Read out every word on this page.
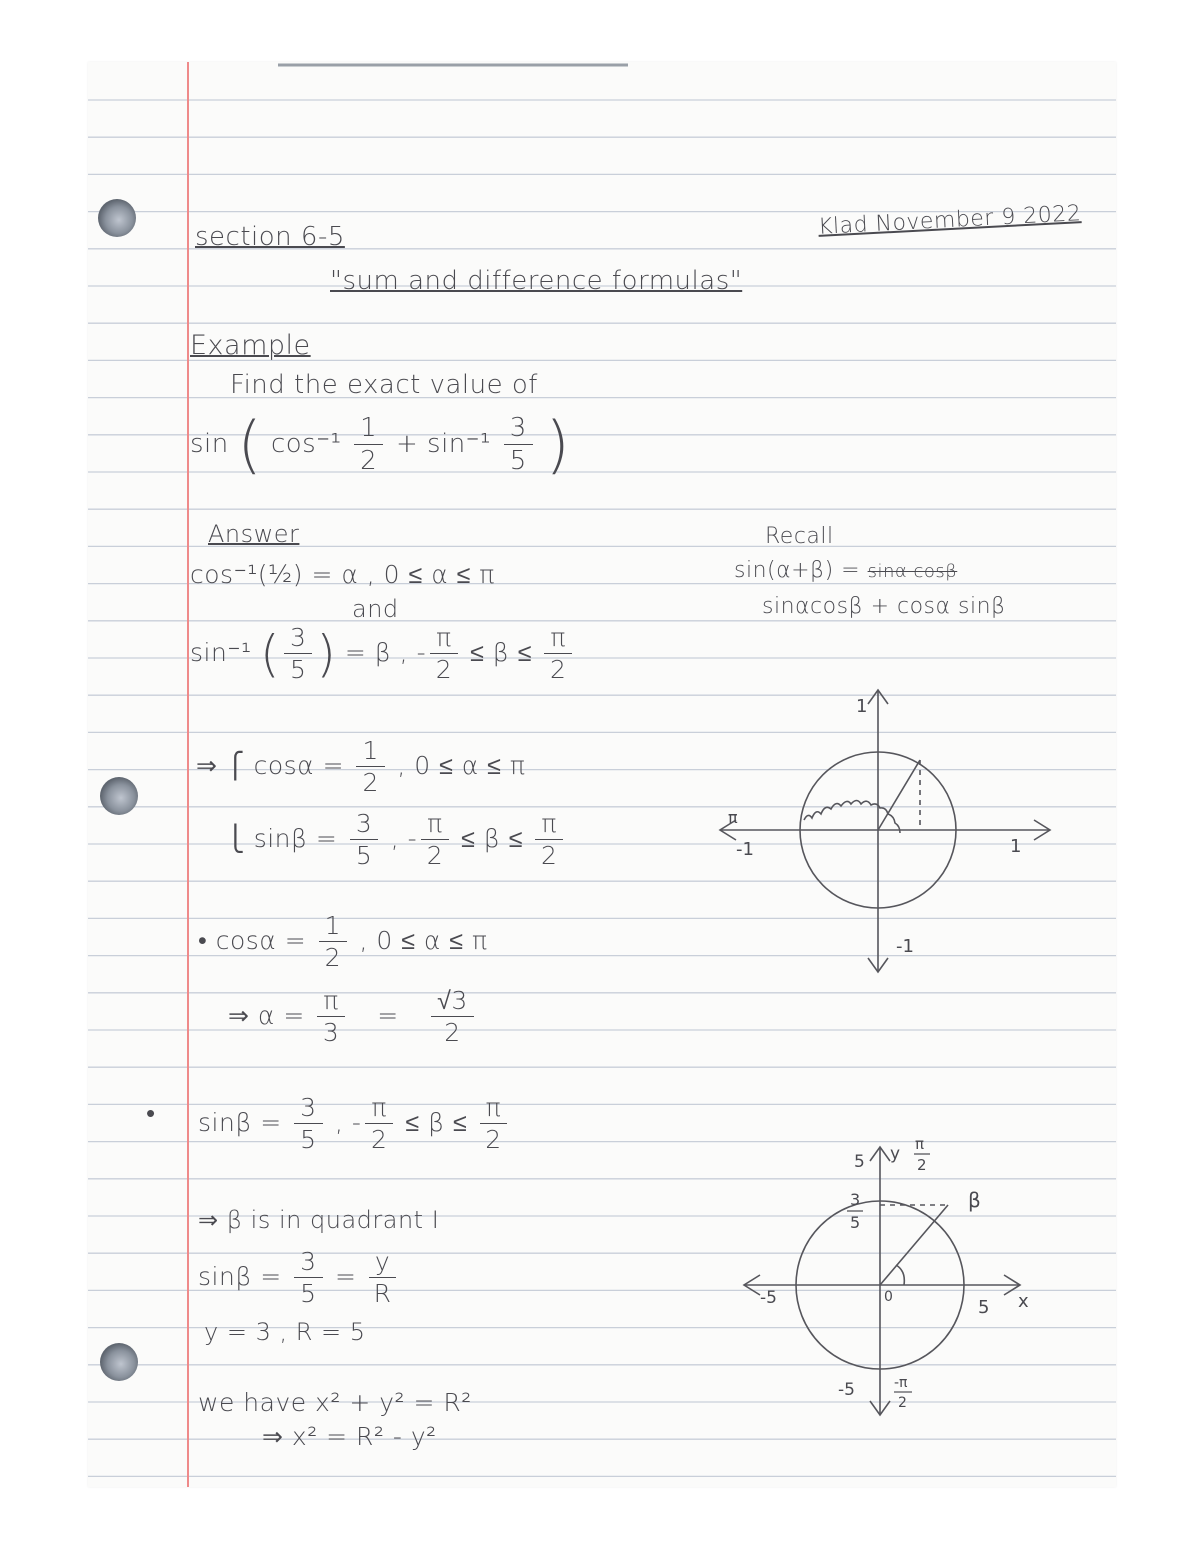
section 6-5
"sum and difference formulas"
Klad November 9 2022
Example
Find the exact value of
sin ( $\cos^{-1} \frac{1}{2} + \sin^{-1} \frac{3}{5}$ )
Answer
cos⁻¹(½) = α , 0 ≤ α ≤ π
and
sin⁻¹ ( $\frac{3}{5}$ ) = β , - $\frac{\pi}{2} \le \beta \le \frac{\pi}{2}$
⇒ ⎧ $\cos\alpha = \frac{1}{2}$ , 0 ≤ α ≤ π
⎩ $\sin\beta = \frac{3}{5}$ , - $\frac{\pi}{2} \le \beta \le \frac{\pi}{2}$
• $\cos\alpha = \frac{1}{2}$ , 0 ≤ α ≤ π
⇒ $\alpha = \frac{\pi}{3} = \frac{√3}{2}$
• $\sin\beta = \frac{3}{5}$ , - $\frac{\pi}{2} \le \beta \le \frac{\pi}{2}$
⇒ β is in quadrant I
$\sin\beta = \frac{3}{5} = \frac{y}{R}$
y = 3 , R = 5
we have x² + y² = R²
⇒ x² = R² - y²
Recall
sin(α+β) = sinα cosβ
sinαcosβ + cosα sinβ
1
1
π
-1
-1
5 y π
2
3
5
β
-5	0	5 x
-5	-π
2
